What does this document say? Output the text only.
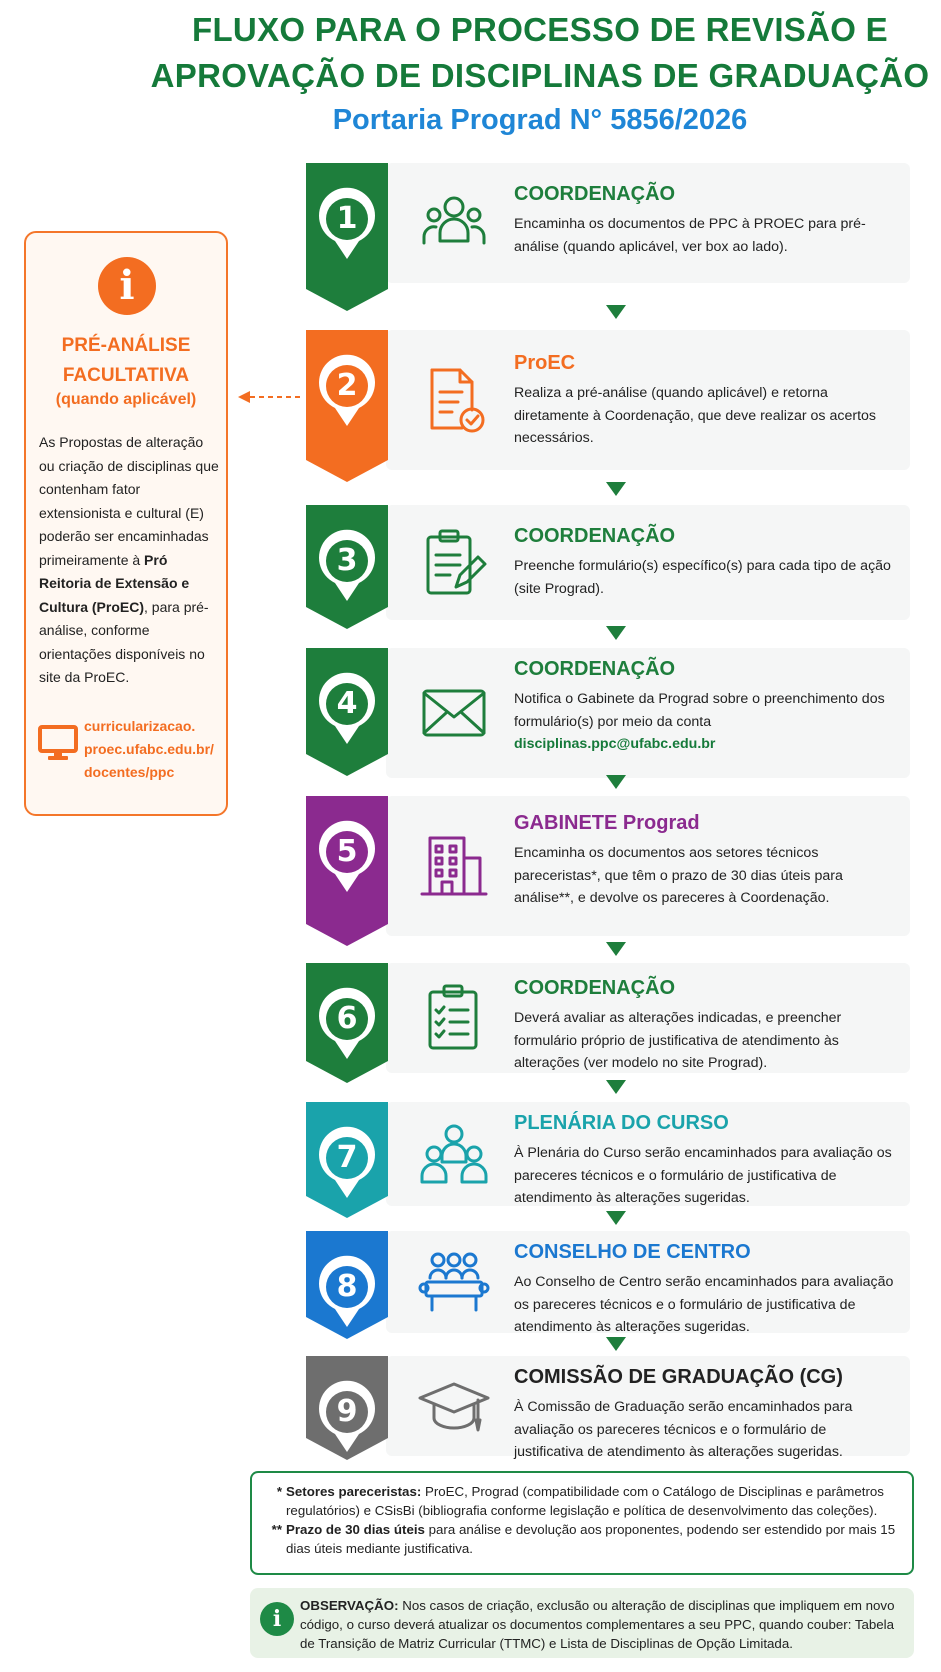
FLUXO PARA O PROCESSO DE REVISÃO E
APROVAÇÃO DE DISCIPLINAS DE GRADUAÇÃO
Portaria Prograd N° 5856/2026
i
PRÉ-ANÁLISE FACULTATIVA
(quando aplicável)
As Propostas de alteração ou criação de disciplinas que contenham fator extensionista e cultural (E) poderão ser encaminhadas primeiramente à Pró Reitoria de Extensão e Cultura (ProEC), para pré-análise, conforme orientações disponíveis no site da ProEC.
curricularizacao. proec.ufabc.edu.br/ docentes/ppc
1
COORDENAÇÃO
Encaminha os documentos de PPC à PROEC para pré-análise (quando aplicável, ver box ao lado).
2
ProEC
Realiza a pré-análise (quando aplicável) e retorna diretamente à Coordenação, que deve realizar os acertos necessários.
3
COORDENAÇÃO
Preenche formulário(s) específico(s) para cada tipo de ação (site Prograd).
4
COORDENAÇÃO
Notifica o Gabinete da Prograd sobre o preenchimento dos formulário(s) por meio da conta
disciplinas.ppc@ufabc.edu.br
5
GABINETE Prograd
Encaminha os documentos aos setores técnicos pareceristas*, que têm o prazo de 30 dias úteis para análise**, e devolve os pareceres à Coordenação.
6
COORDENAÇÃO
Deverá avaliar as alterações indicadas, e preencher formulário próprio de justificativa de atendimento às alterações (ver modelo no site Prograd).
7
PLENÁRIA DO CURSO
À Plenária do Curso serão encaminhados para avaliação os pareceres técnicos e o formulário de justificativa de atendimento às alterações sugeridas.
8
CONSELHO DE CENTRO
Ao Conselho de Centro serão encaminhados para avaliação os pareceres técnicos e o formulário de justificativa de atendimento às alterações sugeridas.
9
COMISSÃO DE GRADUAÇÃO (CG)
À Comissão de Graduação serão encaminhados para avaliação os pareceres técnicos e o formulário de justificativa de atendimento às alterações sugeridas.
* Setores pareceristas: ProEC, Prograd (compatibilidade com o Catálogo de Disciplinas e parâmetros regulatórios) e CSisBi (bibliografia conforme legislação e política de desenvolvimento das coleções).
** Prazo de 30 dias úteis para análise e devolução aos proponentes, podendo ser estendido por mais 15 dias úteis mediante justificativa.
i
OBSERVAÇÃO: Nos casos de criação, exclusão ou alteração de disciplinas que impliquem em novo código, o curso deverá atualizar os documentos complementares a seu PPC, quando couber: Tabela de Transição de Matriz Curricular (TTMC) e Lista de Disciplinas de Opção Limitada.
